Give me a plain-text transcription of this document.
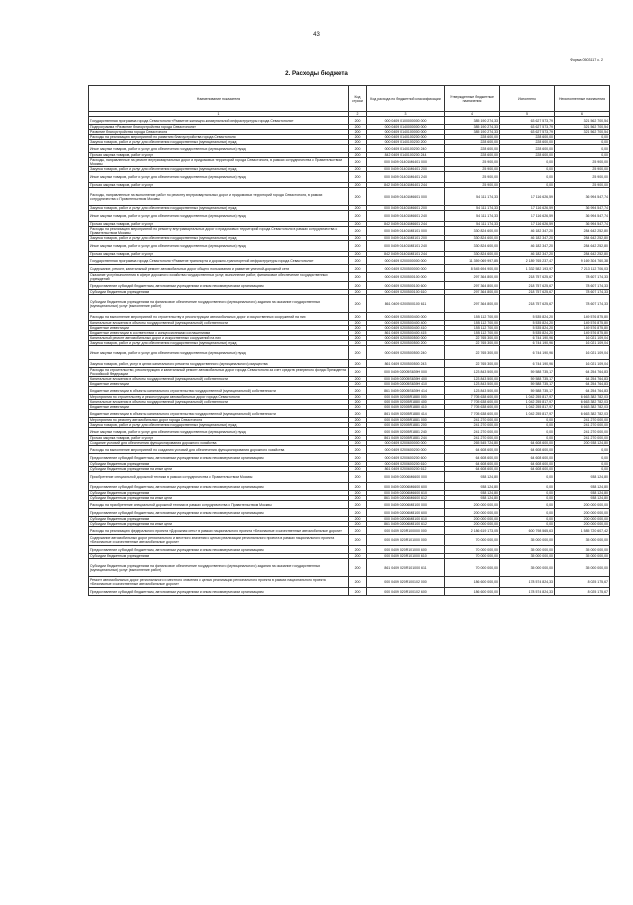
43
Форма 0503117 с. 2
2. Расходы бюджета
Наименование показателя	Код строки	Код расхода по бюджетной классификации	Утвержденные бюджетные назначения	Исполнено	Неисполненные назначения
1	2	3	4	5	6
Государственная программа города Севастополя «Развитие жилищно-коммунальной инфраструктуры города Севастополя»	200	000 0409 0100000000 000	385 190 274,33	63 627 573,79	321 562 700,54
Подпрограмма «Развитие благоустройства города Севастополя»	200	000 0409 0140000000 000	385 190 274,33	63 627 573,79	321 562 700,54
Развитие благоустройства города Севастополя	200	000 0409 0140100000 000	385 190 274,33	63 627 573,79	321 562 700,54
Расходы на реализацию мероприятий по развитию благоустройства города Севастополя	200	000 0409 0140100200 000	228 600,00	228 600,00	0,00
Закупка товаров, работ и услуг для обеспечения государственных (муниципальных) нужд	200	000 0409 0140100200 200	228 600,00	228 600,00	0,00
Иные закупки товаров, работ и услуг для обеспечения государственных (муниципальных) нужд	200	000 0409 0140100200 240	228 600,00	228 600,00	0,00
Прочая закупка товаров, работ и услуг	200	842 0409 0140100200 244	228 600,00	228 600,00	0,00
Расходы, направленные на ремонт внутриквартальных дорог и придомовых территорий города Севастополя, в рамках сотрудничества с Правительством Москвы	200	000 0409 01401М6401 000	25 900,00	0,00	25 900,00
Закупка товаров, работ и услуг для обеспечения государственных (муниципальных) нужд	200	000 0409 01401М6401 200	25 900,00	0,00	25 900,00
Иные закупки товаров, работ и услуг для обеспечения государственных (муниципальных) нужд	200	000 0409 01401М6401 240	25 900,00	0,00	25 900,00
Прочая закупка товаров, работ и услуг	200	842 0409 01401М6401 244	25 900,00	0,00	25 900,00
Расходы, направленные на выполнение работ по ремонту внутриквартальных дорог и придомовых территорий города Севастополя, в рамках сотрудничества с Правительством Москвы	200	000 0409 01401М6601 000	54 111 174,33	17 116 626,59	36 994 547,74
Закупка товаров, работ и услуг для обеспечения государственных (муниципальных) нужд	200	000 0409 01401М6601 200	54 111 174,33	17 116 626,59	36 994 547,74
Иные закупки товаров, работ и услуг для обеспечения государственных (муниципальных) нужд	200	000 0409 01401М6601 240	54 111 174,33	17 116 626,59	36 994 547,74
Прочая закупка товаров, работ и услуг	200	842 0409 01401М6601 244	54 111 174,33	17 116 626,59	36 994 547,74
Расходы на реализацию мероприятий по ремонту внутриквартальных дорог и придомовых территорий города Севастополя в рамках сотрудничества с Правительством Москвы	200	000 0409 01401М8101 000	330 824 600,00	46 182 347,20	284 642 252,80
Закупка товаров, работ и услуг для обеспечения государственных (муниципальных) нужд	200	000 0409 01401М8101 200	330 824 600,00	46 182 347,20	284 642 252,80
Иные закупки товаров, работ и услуг для обеспечения государственных (муниципальных) нужд	200	000 0409 01401М8101 240	330 824 600,00	46 182 347,20	284 642 252,80
Прочая закупка товаров, работ и услуг	200	842 0409 01401М8101 244	330 824 600,00	46 182 347,20	284 642 252,80
Государственная программа города Севастополя «Развитие транспорта и дорожно-транспортной инфраструктуры города Севастополя»	200	000 0409 0200000000 000	11 359 069 997,85	2 189 765 237,47	9 169 304 760,38
Содержание, ремонт, капитальный ремонт автомобильных дорог общего пользования и развитие уличной-дорожной сети	200	000 0409 0200500000 000	8 545 694 900,00	1 332 582 193,97	7 213 112 706,03
Оказание услуг/выполнения в сфере дорожного хозяйства государственных услуг, выполнение работ, финансовое обеспечение государственных учреждений	200	000 0409 0200500100 000	297 364 800,00	218 757 625,67	78 607 174,33
Предоставление субсидий бюджетным, автономным учреждениям и иным некоммерческим организациям	200	000 0409 0200500100 600	297 364 800,00	218 757 625,67	78 607 174,33
Субсидии бюджетным учреждениям	200	000 0409 0200500100 610	297 364 800,00	218 757 625,67	78 607 174,33
Субсидии бюджетным учреждениям на финансовое обеспечение государственного (муниципального) задания на оказание государственных (муниципальных) услуг (выполнение работ)	200	861 0409 0200500100 611	297 364 800,00	218 757 625,67	78 607 174,33
Расходы на выполнение мероприятий по строительству и реконструкции автомобильных дорог и искусственных сооружений на них	200	000 0409 0200500400 000	155 112 700,00	5 535 824,20	149 576 875,80
Капитальные вложения в объекты государственной (муниципальной) собственности	200	000 0409 0200500400 400	155 112 700,00	5 535 824,20	149 576 875,80
Бюджетные инвестиции	200	000 0409 0200500400 410	155 112 700,00	5 535 824,20	149 576 875,80
Бюджетные инвестиции в соответствии с концессионными соглашениями	200	861 0409 0200500400 415	155 112 700,00	5 535 824,20	149 576 875,80
Капитальный ремонт автомобильных дорог и искусственных сооружений на них	200	000 0409 0200500500 000	22 765 300,00	6 744 190,96	16 021 109,04
Закупка товаров, работ и услуг для обеспечения государственных (муниципальных) нужд	200	000 0409 0200500500 200	22 765 300,00	6 744 190,96	16 021 109,04
Иные закупки товаров, работ и услуг для обеспечения государственных (муниципальных) нужд	200	000 0409 0200500500 240	22 765 300,00	6 744 190,96	16 021 109,04
Закупка товаров, работ, услуг в целях капитального ремонта государственного (муниципального) имущества	200	861 0409 0200500500 243	22 765 300,00	6 744 190,96	16 021 109,04
Расходы на строительство, реконструкцию и капитальный ремонт автомобильных дорог города Севастополя за счет средств резервного фонда Президента Российской Федерации	200	000 0409 02005S639Н 000	123 843 500,00	59 588 735,17	64 254 764,83
Капитальные вложения в объекты государственной (муниципальной) собственности	200	000 0409 02005S639Н 400	123 843 500,00	59 588 735,17	64 254 764,83
Бюджетные инвестиции	200	000 0409 02005S639Н 410	123 843 500,00	59 588 735,17	64 254 764,83
Бюджетные инвестиции в объекты капитального строительства государственной (муниципальной) собственности	200	861 0409 02005S639Н 414	123 843 500,00	59 588 735,17	64 254 764,83
Мероприятия по строительству и реконструкции автомобильных дорог города Севастополя	200	000 0409 02005R1880 000	7 705 638 600,00	1 042 255 817,97	6 663 382 782,03
Капитальные вложения в объекты государственной (муниципальной) собственности	200	000 0409 02005R1880 400	7 705 638 600,00	1 042 255 817,97	6 663 382 782,03
Бюджетные инвестиции	200	000 0409 02005R1880 410	7 705 638 600,00	1 042 255 817,97	6 663 382 782,03
Бюджетные инвестиции в объекты капитального строительства государственной (муниципальной) собственности	200	861 0409 02005R1880 414	7 705 638 600,00	1 042 255 817,97	6 663 382 782,03
Мероприятия по ремонту автомобильных дорог города Севастополя	200	000 0409 02005R1881 000	241 270 000,00	0,00	241 270 000,00
Закупка товаров, работ и услуг для обеспечения государственных (муниципальных) нужд	200	000 0409 02005R1881 200	241 270 000,00	0,00	241 270 000,00
Иные закупки товаров, работ и услуг для обеспечения государственных (муниципальных) нужд	200	000 0409 02005R1881 240	241 270 000,00	0,00	241 270 000,00
Прочая закупка товаров, работ и услуг	200	861 0409 02005R1881 244	241 270 000,00	0,00	241 270 000,00
Создание условий для обеспечения функционирования дорожного хозяйства	200	000 0409 0200600000 000	265 545 724,80	64 608 600,00	200 938 124,80
Расходы на выполнение мероприятий по созданию условий для обеспечения функционирования дорожного хозяйства	200	000 0409 0200600200 000	64 608 600,00	64 608 600,00	0,00
Предоставление субсидий бюджетным, автономным учреждениям и иным некоммерческим организациям	200	000 0409 0200600200 600	64 608 600,00	64 608 600,00	0,00
Субсидии бюджетным учреждениям	200	000 0409 0200600200 610	64 608 600,00	64 608 600,00	0,00
Субсидии бюджетным учреждениям на иные цели	200	861 0409 0200600200 612	64 608 600,00	64 608 600,00	0,00
Приобретение специальной дорожной техники в рамках сотрудничества с Правительством Москвы	200	000 0409 02006М6600 000	938 124,80	0,00	938 124,80
Предоставление субсидий бюджетным, автономным учреждениям и иным некоммерческим организациям	200	000 0409 02006М6600 600	938 124,80	0,00	938 124,80
Субсидии бюджетным учреждениям	200	000 0409 02006М6600 610	938 124,80	0,00	938 124,80
Субсидии бюджетным учреждениям на иные цели	200	861 0409 02006М6600 612	938 124,80	0,00	938 124,80
Расходы на приобретение специальной дорожной техники в рамках сотрудничества с Правительством Москвы	200	000 0409 02006М8100 000	200 000 000,00	0,00	200 000 000,00
Предоставление субсидий бюджетным, автономным учреждениям и иным некоммерческим организациям	200	000 0409 02006М8100 600	200 000 000,00	0,00	200 000 000,00
Субсидии бюджетным учреждениям	200	000 0409 02006М8100 610	200 000 000,00	0,00	200 000 000,00
Субсидии бюджетным учреждениям на иные цели	200	861 0409 02006М8100 612	200 000 000,00	0,00	200 000 000,00
Расходы на реализацию федерального проекта «Дорожная сеть» в рамках национального проекта «Безопасные и качественные автомобильные дороги»	200	000 0409 020R100000 000	2 186 619 173,05	600 798 565,63	1 585 720 607,42
Содержание автомобильных дорог регионального и местного значения с целью реализации регионального проекта в рамках национального проекта «Безопасные и качественные автомобильные дороги»	200	000 0409 020R101000 000	70 000 000,00	35 000 000,00	35 000 000,00
Предоставление субсидий бюджетным, автономным учреждениям и иным некоммерческим организациям	200	000 0409 020R101000 600	70 000 000,00	35 000 000,00	35 000 000,00
Субсидии бюджетным учреждениям	200	000 0409 020R101000 610	70 000 000,00	35 000 000,00	35 000 000,00
Субсидии бюджетным учреждениям на финансовое обеспечение государственного (муниципального) задания на оказание государственных (муниципальных) услуг (выполнение работ)	200	861 0409 020R101000 611	70 000 000,00	35 000 000,00	35 000 000,00
Ремонт автомобильных дорог регионального и местного значения с целью реализации регионального проекта в рамках национального проекта «Безопасные и качественные автомобильные дороги»	200	000 0409 020R100102 000	186 600 000,00	178 574 824,33	8 025 175,67
Предоставление субсидий бюджетным, автономным учреждениям и иным некоммерческим организациям	200	000 0409 020R100102 600	186 600 000,00	178 574 824,33	8 025 175,67
